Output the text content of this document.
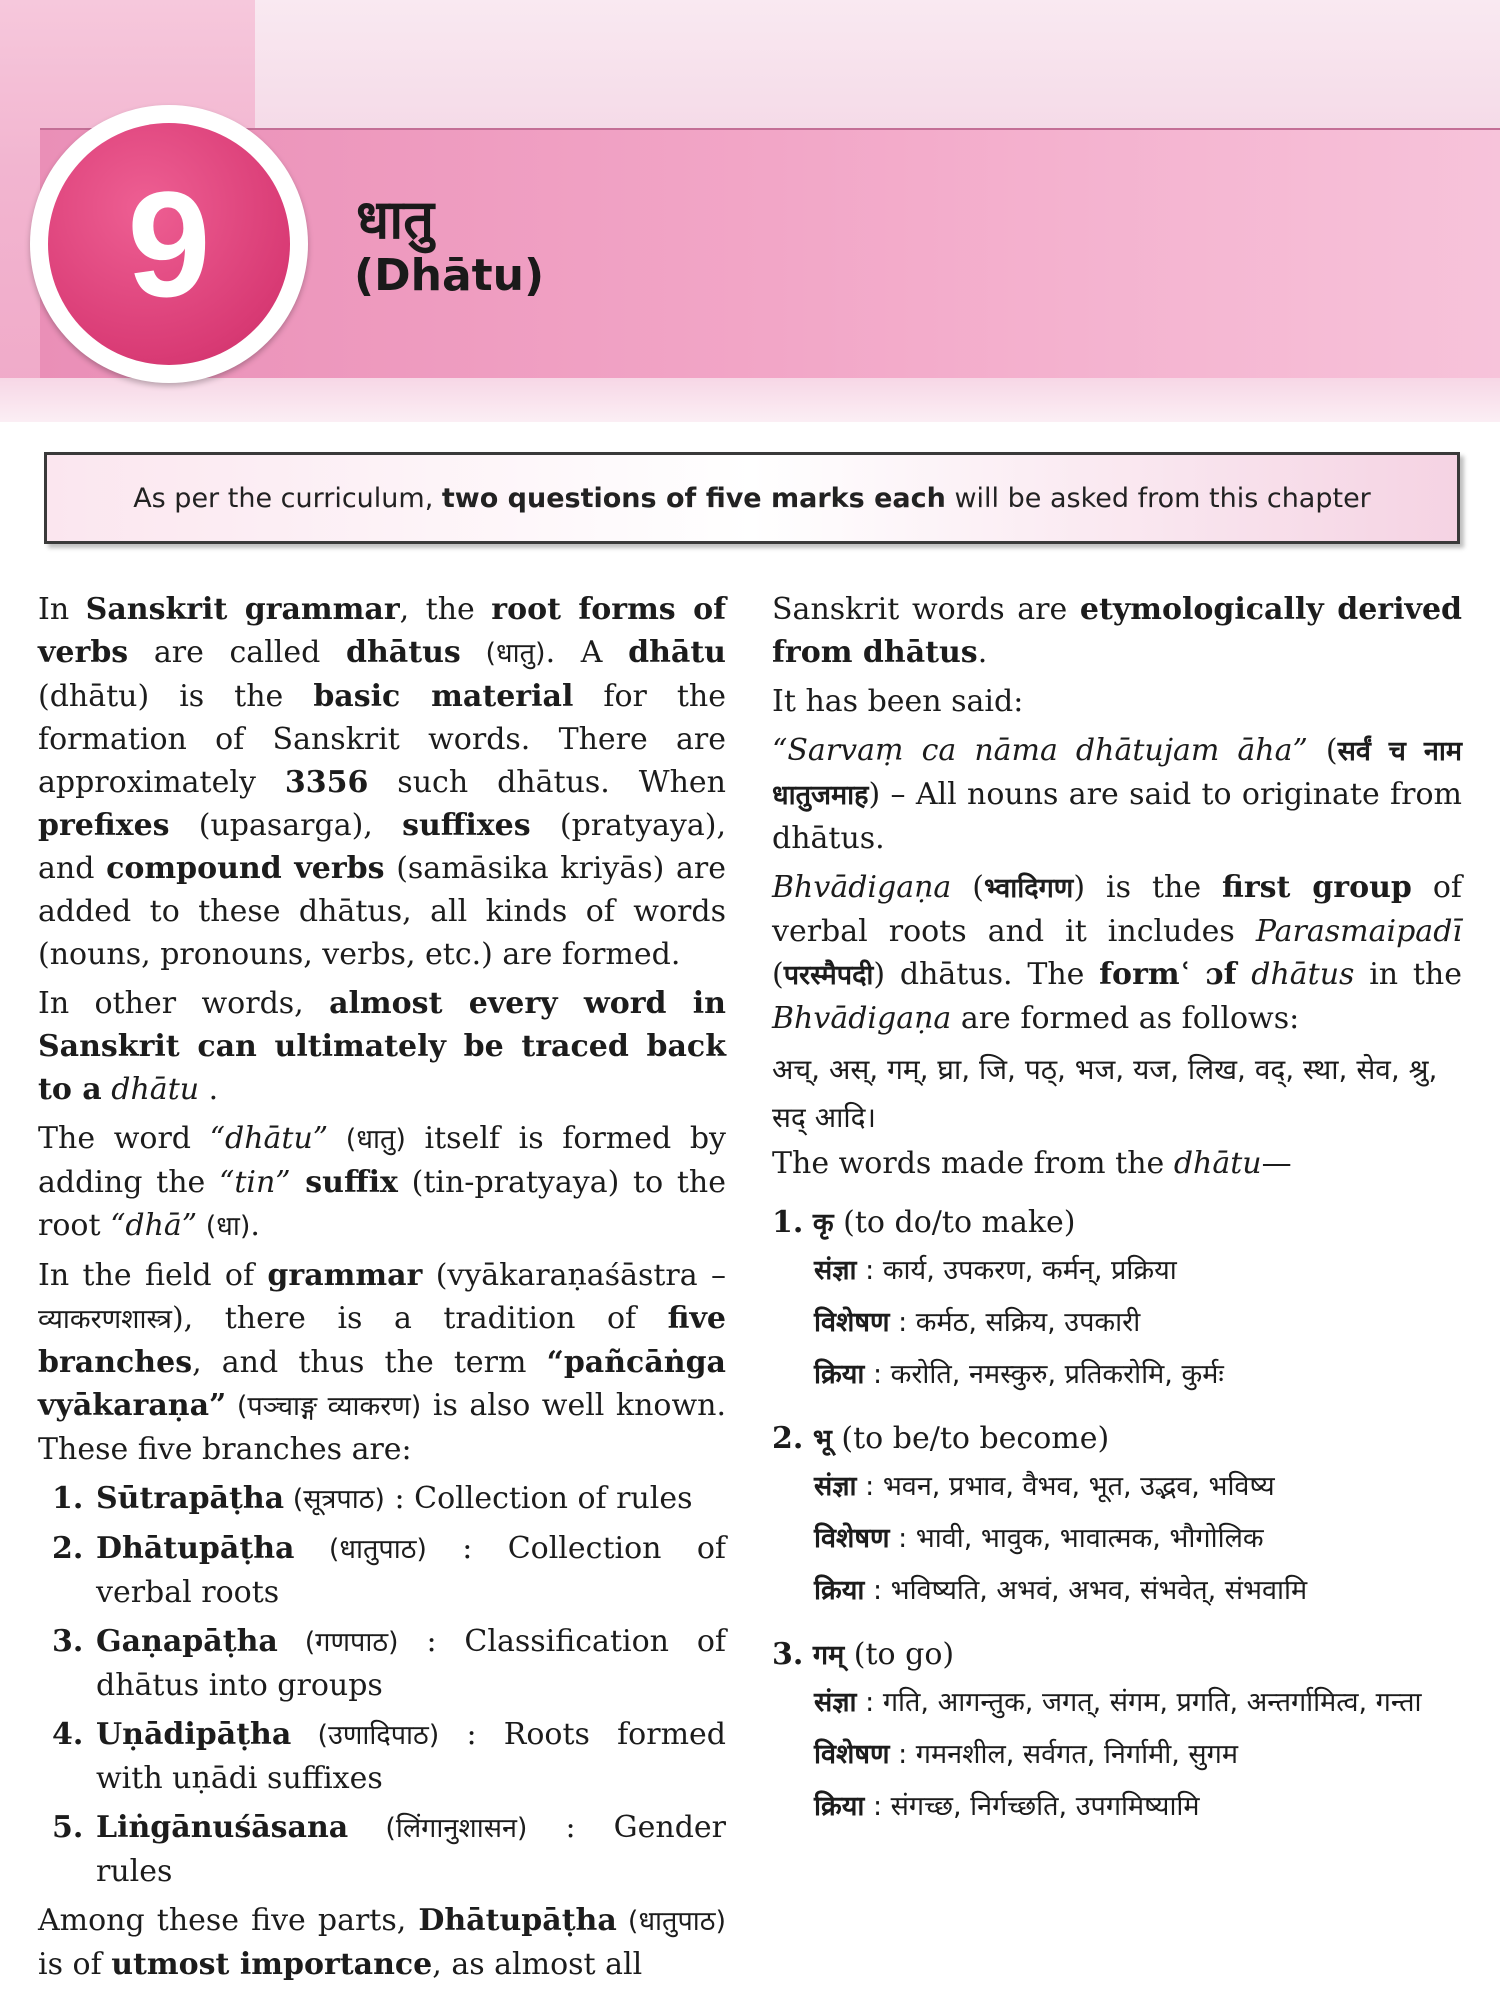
9	धातु
(Dhātu)
As per the curriculum, two questions of five marks each will be asked from this chapter

In Sanskrit grammar, the root forms of verbs are called dhātus (धातु). A dhātu (dhātu) is the basic material for the formation of Sanskrit words. There are approximately 3356 such dhātus. When prefixes (upasarga), suffixes (pratyaya), and compound verbs (samāsika kriyās) are added to these dhātus, all kinds of words (nouns, pronouns, verbs, etc.) are formed.

In other words, almost every word in Sanskrit can ultimately be traced back to a dhātu .

The word “dhātu” (धातु) itself is formed by adding the “tin” suffix (tin-pratyaya) to the root “dhā” (धा).

In the field of grammar (vyākaraṇaśāstra – व्याकरणशास्त्र), there is a tradition of five branches, and thus the term “pañcāṅga vyākaraṇa” (पञ्चाङ्ग व्याकरण) is also well known. These five branches are:

1. Sūtrapāṭha (सूत्रपाठ) : Collection of rules
2. Dhātupāṭha (धातुपाठ) : Collection of verbal roots
3. Gaṇapāṭha (गणपाठ) : Classification of dhātus into groups
4. Uṇādipāṭha (उणादिपाठ) : Roots formed with uṇādi suffixes
5. Liṅgānuśāsana (लिंगानुशासन) : Gender rules

Among these five parts, Dhātupāṭha (धातुपाठ) is of utmost importance, as almost all

Sanskrit words are etymologically derived from dhātus.

It has been said:

“Sarvaṃ ca nāma dhātujam āha” (सर्वं च नाम धातुजमाह) – All nouns are said to originate from dhātus.

Bhvādigaṇa (भ्वादिगण) is the first group of verbal roots and it includes Parasmaipadī (परस्मैपदी) dhātus. The formʿ ɔf dhātus in the Bhvādigaṇa are formed as follows:

अच्, अस्, गम्, घ्रा, जि, पठ्, भज, यज, लिख, वद्, स्था, सेव, श्रु, सद् आदि।

The words made from the dhātu—

1. कृ (to do/to make)

संज्ञा : कार्य, उपकरण, कर्मन्, प्रक्रिया

विशेषण : कर्मठ, सक्रिय, उपकारी

क्रिया : करोति, नमस्कुरु, प्रतिकरोमि, कुर्मः

2. भू (to be/to become)

संज्ञा : भवन, प्रभाव, वैभव, भूत, उद्भव, भविष्य

विशेषण : भावी, भावुक, भावात्मक, भौगोलिक

क्रिया : भविष्यति, अभवं, अभव, संभवेत्, संभवामि

3. गम् (to go)

संज्ञा : गति, आगन्तुक, जगत्, संगम, प्रगति, अन्तर्गामित्व, गन्ता

विशेषण : गमनशील, सर्वगत, निर्गामी, सुगम

क्रिया : संगच्छ, निर्गच्छति, उपगमिष्यामि
